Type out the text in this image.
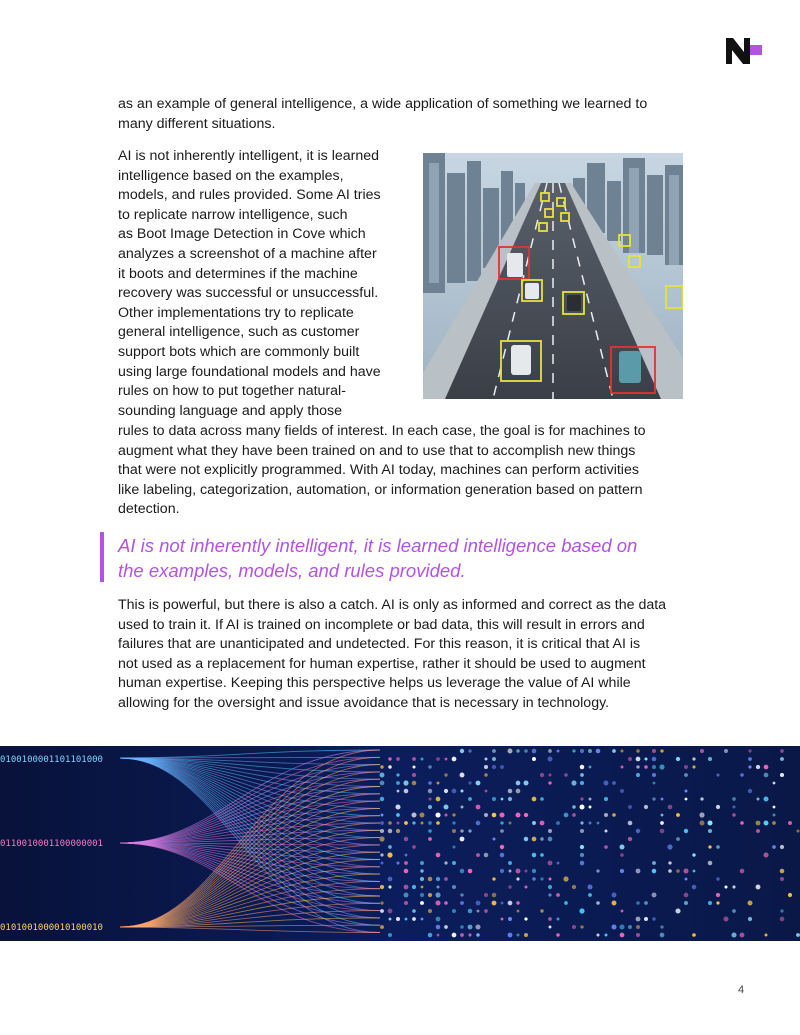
as an example of general intelligence, a wide application of something we learned to
many different situations.

AI is not inherently intelligent, it is learned
intelligence based on the examples,
models, and rules provided. Some AI tries
to replicate narrow intelligence, such
as Boot Image Detection in Cove which
analyzes a screenshot of a machine after
it boots and determines if the machine
recovery was successful or unsuccessful.
Other implementations try to replicate
general intelligence, such as customer
support bots which are commonly built
using large foundational models and have
rules on how to put together natural-
sounding language and apply those

rules to data across many fields of interest. In each case, the goal is for machines to
augment what they have been trained on and to use that to accomplish new things
that were not explicitly programmed. With AI today, machines can perform activities
like labeling, categorization, automation, or information generation based on pattern
detection.

AI is not inherently intelligent, it is learned intelligence based on
the examples, models, and rules provided.

This is powerful, but there is also a catch. AI is only as informed and correct as the data
used to train it. If AI is trained on incomplete or bad data, this will result in errors and
failures that are unanticipated and undetected. For this reason, it is critical that AI is
not used as a replacement for human expertise, rather it should be used to augment
human expertise. Keeping this perspective helps us leverage the value of AI while
allowing for the oversight and issue avoidance that is necessary in technology.

0100100001101101000
0110010001100000001
0101001000010100010
4
